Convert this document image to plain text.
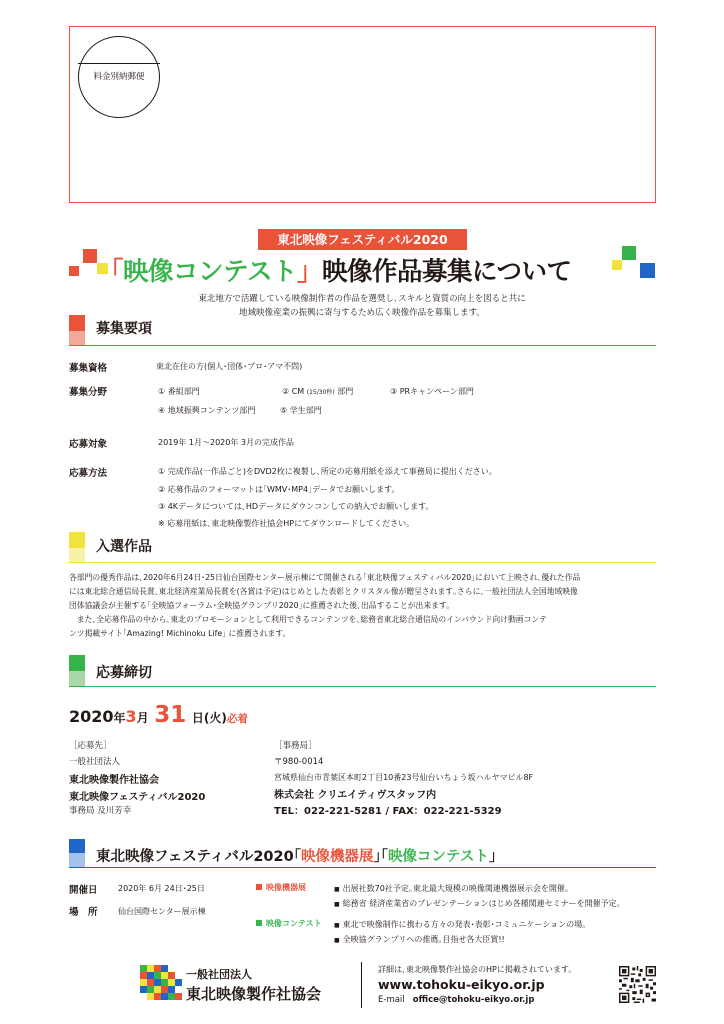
料金別納郵便
東北映像フェスティバル2020
「映像コンテスト」映像作品募集について
東北地方で活躍している映像制作者の作品を選奨し､スキルと資質の向上を図ると共に
地域映像産業の振興に寄与するため広く映像作品を募集します。
募集要項
募集資格	東北在住の方(個人･団体･プロ･アマ不問)
募集分野	① 番組部門	② CM (15/30秒) 部門	③ PRキャンペーン部門
④ 地域振興コンテンツ部門	⑤ 学生部門
応募対象	2019年 1月～2020年 3月の完成作品
応募方法	① 完成作品(一作品ごと)をDVD2枚に複製し､所定の応募用紙を添えて事務局に提出ください。
② 応募作品のフォーマットは｢WMV･MP4｣データでお願いします。
③ 4Kデータについては､HDデータにダウンコンしての納入でお願いします。
※ 応募用紙は､東北映像製作社協会HPにてダウンロードしてください。
入選作品
各部門の優秀作品は､2020年6月24日･25日仙台国際センター展示棟にて開催される｢東北映像フェスティバル2020｣において上映され､優れた作品
には東北総合通信局長賞､東北経済産業局長賞を(各賞は予定)はじめとした表彰とクリスタル像が贈呈されます｡さらに､一般社団法人全国地域映像
団体協議会が主催する｢全映協フォーラム･全映協グランプリ2020｣に推薦された後､出品することが出来ます。
　また､全応募作品の中から､東北のプロモーションとして利用できるコンテンツを､総務省東北総合通信局のインバウンド向け動画コンテ
ンツ掲載サイト｢Amazing! Michinoku Life｣ に推薦されます。
応募締切
2020年3月 31 日(火)必着
［応募先］
一般社団法人
東北映像製作社協会
東北映像フェスティバル2020
事務局 及川芳幸
［事務局］
〒980-0014
宮城県仙台市青葉区本町2丁目10番23号仙台いちょう坂ハルヤマビル8F
株式会社 クリエイティヴスタッフ内
TEL：022-221-5281 / FAX：022-221-5329
東北映像フェスティバル2020｢映像機器展｣｢映像コンテスト｣
開催日	2020年 6月 24日･25日
場　所	仙台国際センター展示棟
映像機器展	■ 出展社数70社予定｡東北最大規模の映像関連機器展示会を開催。
■ 総務省 経済産業省のプレゼンテーションはじめ各種関連セミナーを開催予定。
映像コンテスト	■ 東北で映像制作に携わる方々の発表･表彰･コミュニケーションの場。
■ 全映協グランプリへの推薦｡目指せ各大臣賞!!
一般社団法人
東北映像製作社協会
詳細は､東北映像製作社協会のHPに掲載されています。
www.tohoku-eikyo.or.jp
E-mail office@tohoku-eikyo.or.jp
